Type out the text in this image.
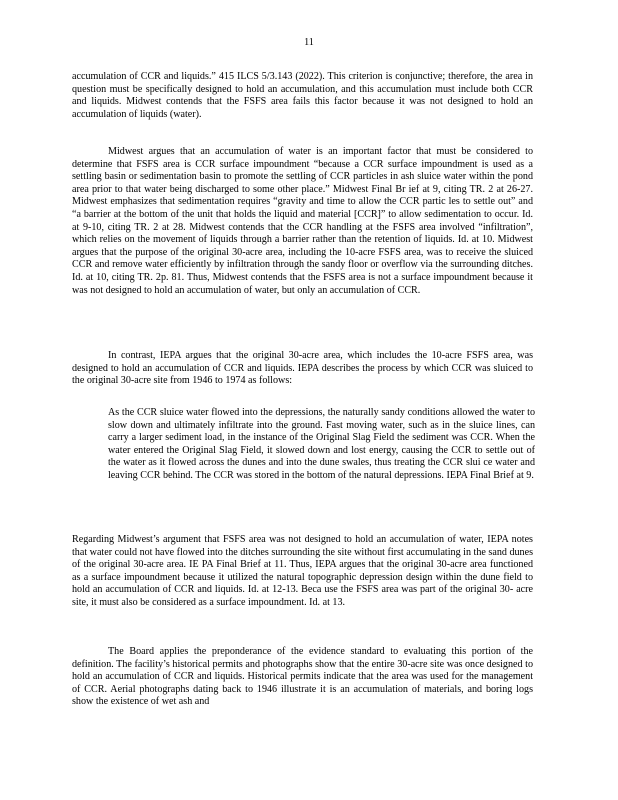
11

accumulation of CCR and liquids.” 415 ILCS 5/3.143 (2022). This criterion is conjunctive; therefore, the area in question must be specifically designed to hold an accumulation, and this accumulation must include both CCR and liquids. Midwest contends that the FSFS area fails this factor because it was not designed to hold an accumulation of liquids (water).

Midwest argues that an accumulation of water is an important factor that must be considered to determine that FSFS area is CCR surface impoundment “because a CCR surface impoundment is used as a settling basin or sedimentation basin to promote the settling of CCR particles in ash sluice water within the pond area prior to that water being discharged to some other place.” Midwest Final Br ief at 9, citing TR. 2 at 26-27. Midwest emphasizes that sedimentation requires “gravity and time to allow the CCR partic les to settle out” and “a barrier at the bottom of the unit that holds the liquid and material [CCR]” to allow sedimentation to occur. Id. at 9-10, citing TR. 2 at 28. Midwest contends that the CCR handling at the FSFS area involved “infiltration”, which relies on the movement of liquids through a barrier rather than the retention of liquids. Id. at 10. Midwest argues that the purpose of the original 30-acre area, including the 10-acre FSFS area, was to receive the sluiced CCR and remove water efficiently by infiltration through the sandy floor or overflow via the surrounding ditches. Id. at 10, citing TR. 2p. 81. Thus, Midwest contends that the FSFS area is not a surface impoundment because it was not designed to hold an accumulation of water, but only an accumulation of CCR.

In contrast, IEPA argues that the original 30-acre area, which includes the 10-acre FSFS area, was designed to hold an accumulation of CCR and liquids. IEPA describes the process by which CCR was sluiced to the original 30-acre site from 1946 to 1974 as follows:

As the CCR sluice water flowed into the depressions, the naturally sandy conditions allowed the water to slow down and ultimately infiltrate into the ground. Fast moving water, such as in the sluice lines, can carry a larger sediment load, in the instance of the Original Slag Field the sediment was CCR. When the water entered the Original Slag Field, it slowed down and lost energy, causing the CCR to settle out of the water as it flowed across the dunes and into the dune swales, thus treating the CCR slui ce water and leaving CCR behind. The CCR was stored in the bottom of the natural depressions. IEPA Final Brief at 9.

Regarding Midwest’s argument that FSFS area was not designed to hold an accumulation of water, IEPA notes that water could not have flowed into the ditches surrounding the site without first accumulating in the sand dunes of the original 30-acre area. IE PA Final Brief at 11. Thus, IEPA argues that the original 30-acre area functioned as a surface impoundment because it utilized the natural topographic depression design within the dune field to hold an accumulation of CCR and liquids. Id. at 12-13. Beca use the FSFS area was part of the original 30- acre site, it must also be considered as a surface impoundment. Id. at 13.

The Board applies the preponderance of the evidence standard to evaluating this portion of the definition. The facility’s historical permits and photographs show that the entire 30-acre site was once designed to hold an accumulation of CCR and liquids. Historical permits indicate that the area was used for the management of CCR. Aerial photographs dating back to 1946 illustrate it is an accumulation of materials, and boring logs show the existence of wet ash and
